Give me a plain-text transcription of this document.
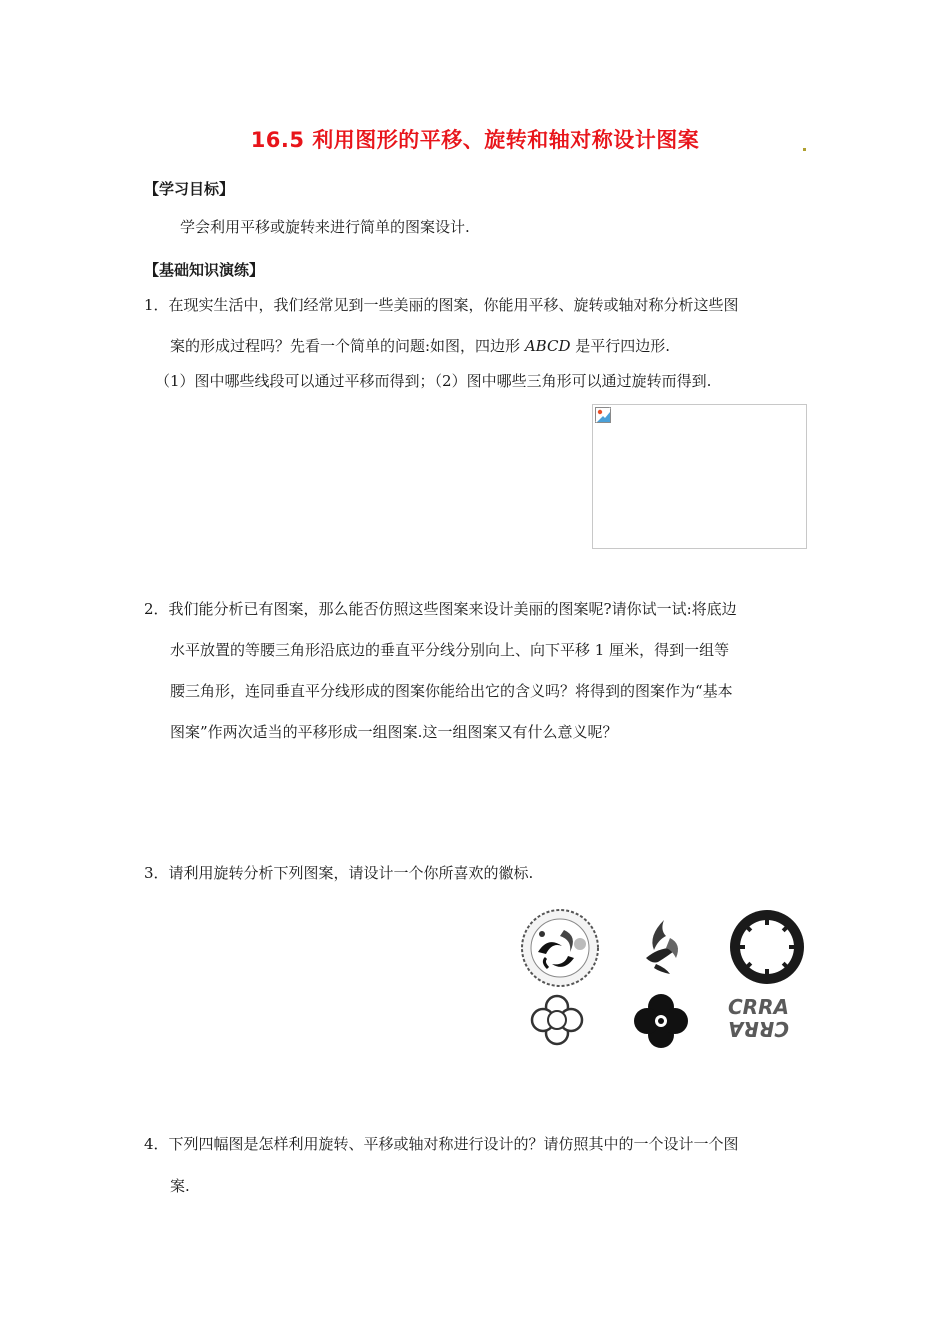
16.5 利用图形的平移、旋转和轴对称设计图案
【学习目标】
学会利用平移或旋转来进行简单的图案设计.
【基础知识演练】
1．在现实生活中，我们经常见到一些美丽的图案，你能用平移、旋转或轴对称分析这些图
案的形成过程吗？先看一个简单的问题:如图，四边形 ABCD 是平行四边形.
（1）图中哪些线段可以通过平移而得到；（2）图中哪些三角形可以通过旋转而得到.
2．我们能分析已有图案，那么能否仿照这些图案来设计美丽的图案呢?请你试一试:将底边
水平放置的等腰三角形沿底边的垂直平分线分别向上、向下平移 1 厘米，得到一组等
腰三角形，连同垂直平分线形成的图案你能给出它的含义吗？将得到的图案作为“基本
图案”作两次适当的平移形成一组图案.这一组图案又有什么意义呢？
3．请利用旋转分析下列图案，请设计一个你所喜欢的徽标.
CRRA
CRRA
4．下列四幅图是怎样利用旋转、平移或轴对称进行设计的？请仿照其中的一个设计一个图
案.
